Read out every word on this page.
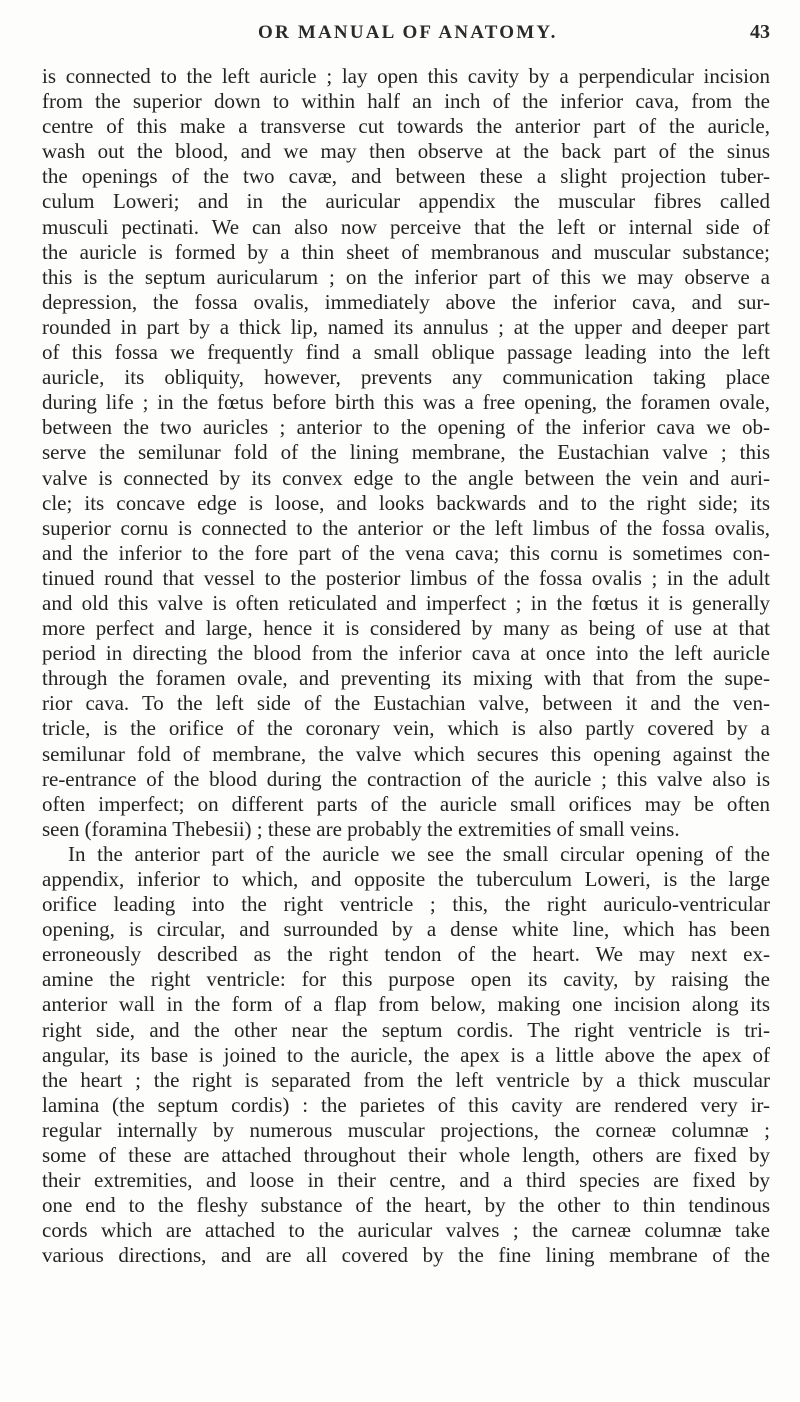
OR MANUAL OF ANATOMY.	43
is connected to the left auricle ; lay open this cavity by a perpendicular incision
from the superior down to within half an inch of the inferior cava, from the
centre of this make a transverse cut towards the anterior part of the auricle,
wash out the blood, and we may then observe at the back part of the sinus
the openings of the two cavæ, and between these a slight projection tuber-
culum Loweri; and in the auricular appendix the muscular fibres called
musculi pectinati. We can also now perceive that the left or internal side of
the auricle is formed by a thin sheet of membranous and muscular substance;
this is the septum auricularum ; on the inferior part of this we may observe a
depression, the fossa ovalis, immediately above the inferior cava, and sur-
rounded in part by a thick lip, named its annulus ; at the upper and deeper part
of this fossa we frequently find a small oblique passage leading into the left
auricle, its obliquity, however, prevents any communication taking place
during life ; in the fœtus before birth this was a free opening, the foramen ovale,
between the two auricles ; anterior to the opening of the inferior cava we ob-
serve the semilunar fold of the lining membrane, the Eustachian valve ; this
valve is connected by its convex edge to the angle between the vein and auri-
cle; its concave edge is loose, and looks backwards and to the right side; its
superior cornu is connected to the anterior or the left limbus of the fossa ovalis,
and the inferior to the fore part of the vena cava; this cornu is sometimes con-
tinued round that vessel to the posterior limbus of the fossa ovalis ; in the adult
and old this valve is often reticulated and imperfect ; in the fœtus it is generally
more perfect and large, hence it is considered by many as being of use at that
period in directing the blood from the inferior cava at once into the left auricle
through the foramen ovale, and preventing its mixing with that from the supe-
rior cava. To the left side of the Eustachian valve, between it and the ven-
tricle, is the orifice of the coronary vein, which is also partly covered by a
semilunar fold of membrane, the valve which secures this opening against the
re-entrance of the blood during the contraction of the auricle ; this valve also is
often imperfect; on different parts of the auricle small orifices may be often
seen (foramina Thebesii) ; these are probably the extremities of small veins.
In the anterior part of the auricle we see the small circular opening of the
appendix, inferior to which, and opposite the tuberculum Loweri, is the large
orifice leading into the right ventricle ; this, the right auriculo-ventricular
opening, is circular, and surrounded by a dense white line, which has been
erroneously described as the right tendon of the heart. We may next ex-
amine the right ventricle: for this purpose open its cavity, by raising the
anterior wall in the form of a flap from below, making one incision along its
right side, and the other near the septum cordis. The right ventricle is tri-
angular, its base is joined to the auricle, the apex is a little above the apex of
the heart ; the right is separated from the left ventricle by a thick muscular
lamina (the septum cordis) : the parietes of this cavity are rendered very ir-
regular internally by numerous muscular projections, the corneæ columnæ ;
some of these are attached throughout their whole length, others are fixed by
their extremities, and loose in their centre, and a third species are fixed by
one end to the fleshy substance of the heart, by the other to thin tendinous
cords which are attached to the auricular valves ; the carneæ columnæ take
various directions, and are all covered by the fine lining membrane of the
